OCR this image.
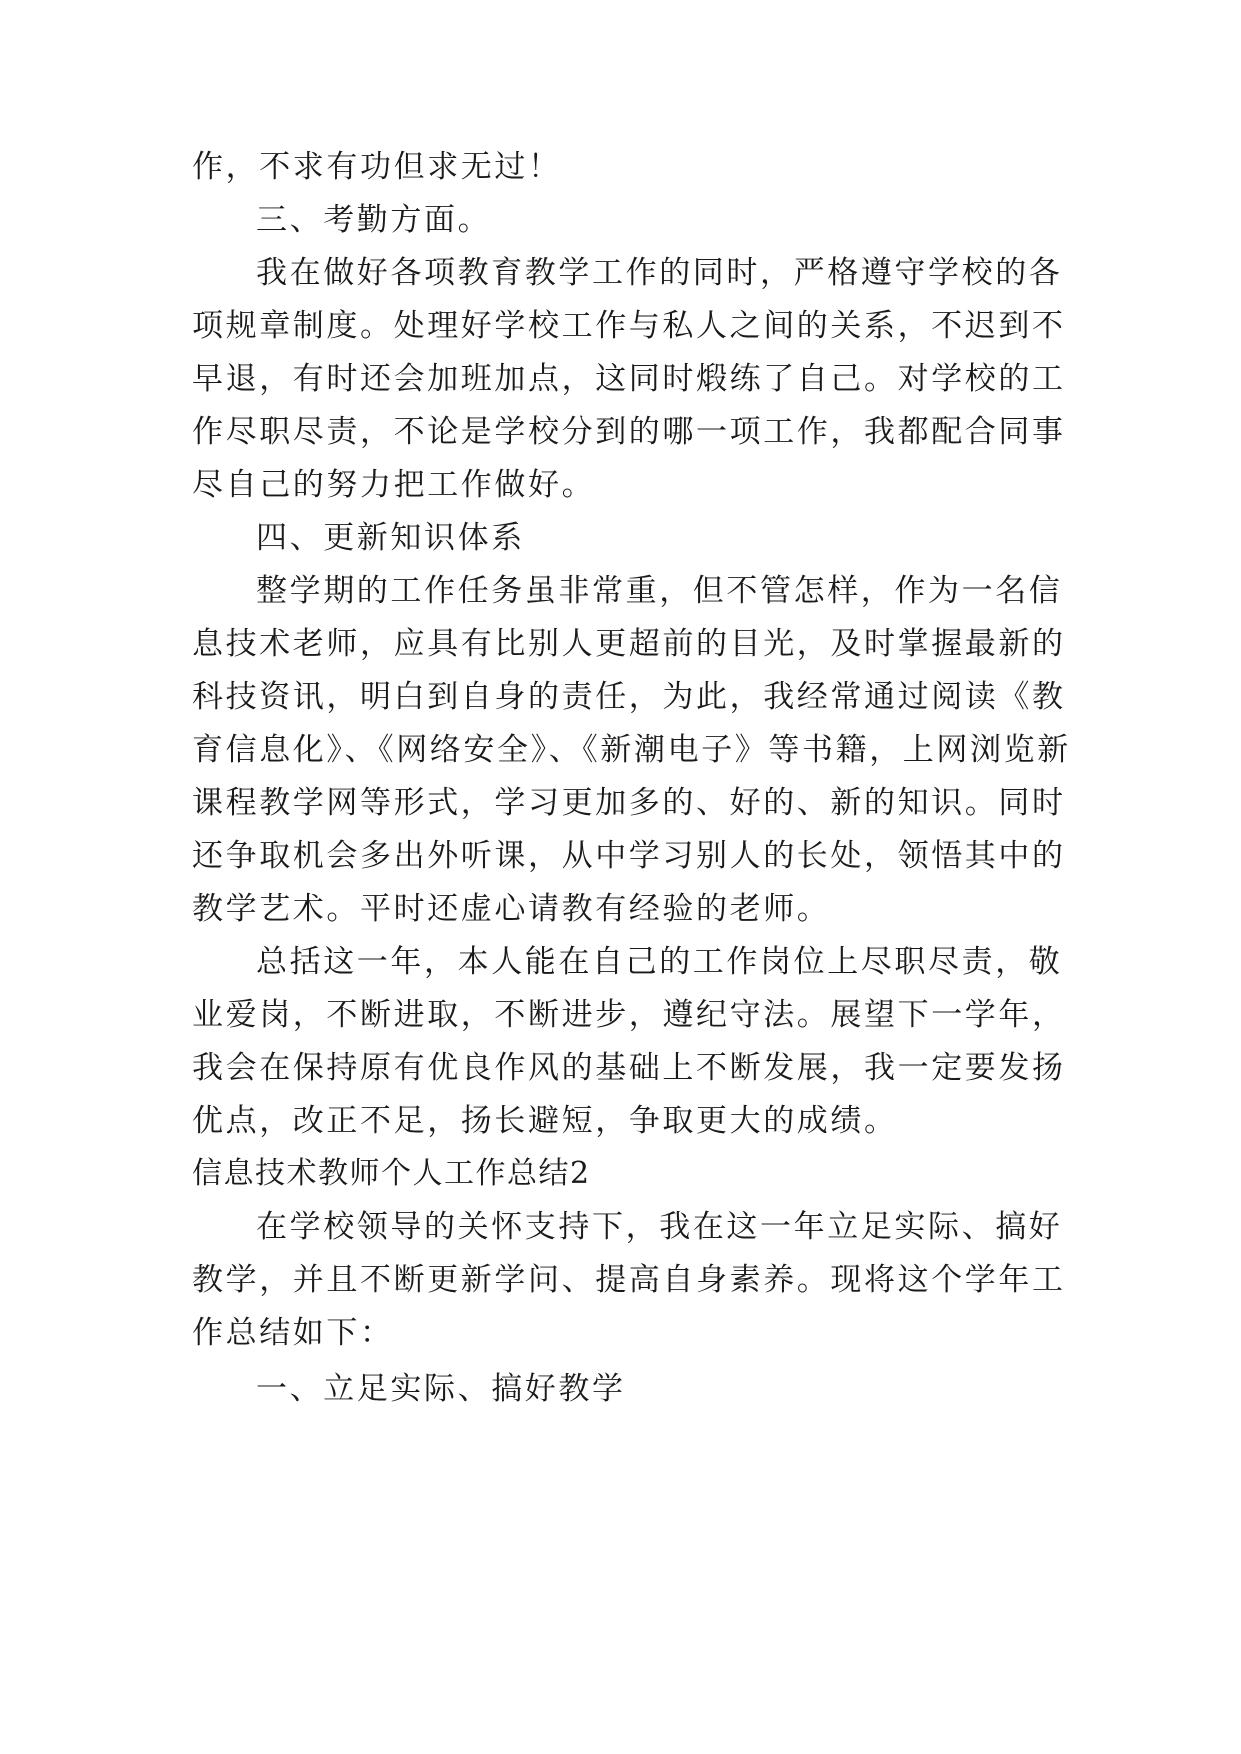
作，不求有功但求无过！
三、考勤方面。
我在做好各项教育教学工作的同时，严格遵守学校的各
项规章制度。处理好学校工作与私人之间的关系，不迟到不
早退，有时还会加班加点，这同时煅练了自己。对学校的工
作尽职尽责，不论是学校分到的哪一项工作，我都配合同事
尽自己的努力把工作做好。
四、更新知识体系
整学期的工作任务虽非常重，但不管怎样，作为一名信
息技术老师，应具有比别人更超前的目光，及时掌握最新的
科技资讯，明白到自身的责任，为此，我经常通过阅读《教
育信息化》、《网络安全》、《新潮电子》等书籍，上网浏览新
课程教学网等形式，学习更加多的、好的、新的知识。同时
还争取机会多出外听课，从中学习别人的长处，领悟其中的
教学艺术。平时还虚心请教有经验的老师。
总括这一年，本人能在自己的工作岗位上尽职尽责，敬
业爱岗，不断进取，不断进步，遵纪守法。展望下一学年，
我会在保持原有优良作风的基础上不断发展，我一定要发扬
优点，改正不足，扬长避短，争取更大的成绩。
信息技术教师个人工作总结2
在学校领导的关怀支持下，我在这一年立足实际、搞好
教学，并且不断更新学问、提高自身素养。现将这个学年工
作总结如下：
一、立足实际、搞好教学
